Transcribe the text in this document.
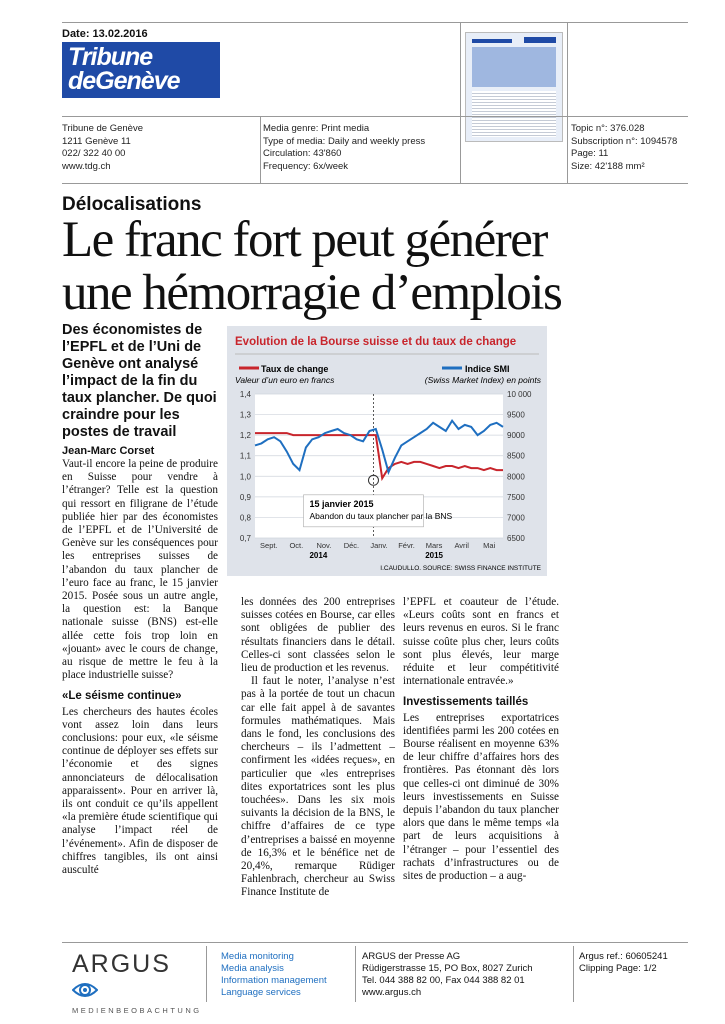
Date: 13.02.2016
Tribune
deGenève
Tribune de Genève
1211 Genève 11
022/ 322 40 00
www.tdg.ch
Media genre: Print media
Type of media: Daily and weekly press
Circulation: 43'860
Frequency: 6x/week
Topic n°: 376.028
Subscription n°: 1094578
Page: 11
Size: 42'188 mm²
Délocalisations
Le franc fort peut générer
une hémorragie d’emplois
Des économistes de l’EPFL et de l’Uni de Genève ont analysé l’impact de la fin du taux plancher. De quoi craindre pour les postes de travail
Jean-Marc Corset

Vaut-il encore la peine de produire en Suisse pour vendre à l’étranger? Telle est la question qui ressort en filigrane de l’étude publiée hier par des économistes de l’EPFL et de l’Université de Genève sur les conséquences pour les entreprises suisses de l’abandon du taux plancher de l’euro face au franc, le 15 janvier 2015. Posée sous un autre angle, la question est: la Banque nationale suisse (BNS) est-elle allée cette fois trop loin en «jouant» avec le cours de change, au risque de mettre le feu à la place industrielle suisse?

«Le séisme continue»

Les chercheurs des hautes écoles vont assez loin dans leurs conclusions: pour eux, «le séisme continue de déployer ses effets sur l’économie et des signes annonciateurs de délocalisation apparaissent». Pour en arriver là, ils ont conduit ce qu’ils appellent «la première étude scientifique qui analyse l’impact réel de l’événement». Afin de disposer de chiffres tangibles, ils ont ainsi ausculté

Evolution de la Bourse suisse et du taux de change
Taux de change
Valeur d’un euro en francs
Indice SMI
(Swiss Market Index) en points
1,4	10 000
1,3	9500
1,2	9000
1,1	8500
1,0	8000
0,9	7500
0,8	7000
0,7	6500
Sept. Oct. Nov. Déc. Janv. Févr. Mars Avril Mai
2014	2015
15 janvier 2015
Abandon du taux plancher par la BNS
I.CAUDULLO. SOURCE: SWISS FINANCE INSTITUTE

les données des 200 entreprises suisses cotées en Bourse, car elles sont obligées de publier des résultats financiers dans le détail. Celles-ci sont classées selon le lieu de production et les revenus.

Il faut le noter, l’analyse n’est pas à la portée de tout un chacun car elle fait appel à de savantes formules mathématiques. Mais dans le fond, les conclusions des chercheurs – ils l’admettent – confirment les «idées reçues», en particulier que «les entreprises dites exportatrices sont les plus touchées». Dans les six mois suivants la décision de la BNS, le chiffre d’affaires de ce type d’entreprises a baissé en moyenne de 16,3% et le bénéfice net de 20,4%, remarque Rüdiger Fahlenbrach, chercheur au Swiss Finance Institute de

l’EPFL et coauteur de l’étude. «Leurs coûts sont en francs et leurs revenus en euros. Si le franc suisse coûte plus cher, leurs coûts sont plus élevés, leur marge réduite et leur compétitivité internationale entravée.»

Investissements taillés

Les entreprises exportatrices identifiées parmi les 200 cotées en Bourse réalisent en moyenne 63% de leur chiffre d’affaires hors des frontières. Pas étonnant dès lors que celles-ci ont diminué de 30% leurs investissements en Suisse depuis l’abandon du taux plancher alors que dans le même temps «la part de leurs acquisitions à l’étranger – pour l’essentiel des rachats d’infrastructures ou de sites de production – a aug-

ARGUS
MEDIENBEOBACHTUNG
Media monitoring
Media analysis
Information management
Language services
ARGUS der Presse AG
Rüdigerstrasse 15, PO Box, 8027 Zurich
Tel. 044 388 82 00, Fax 044 388 82 01
www.argus.ch
Argus ref.: 60605241
Clipping Page: 1/2
